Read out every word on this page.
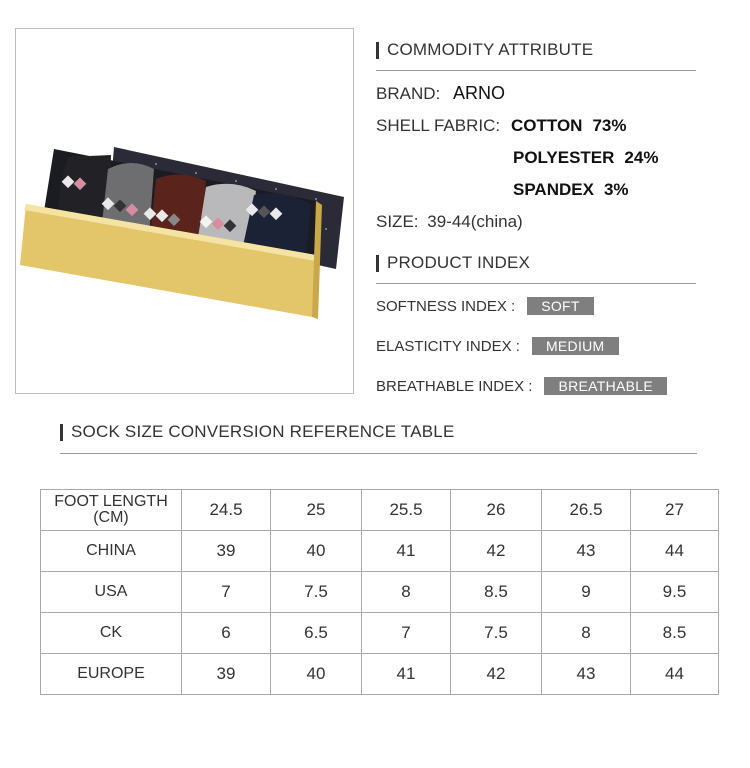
COMMODITY ATTRIBUTE
BRAND: ARNO
SHELL FABRIC: COTTON 73%
POLYESTER 24%
SPANDEX 3%
SIZE: 39-44(china)
PRODUCT INDEX
SOFTNESS INDEX :	SOFT
ELASTICITY INDEX :	MEDIUM
BREATHABLE INDEX :	BREATHABLE
SOCK SIZE CONVERSION REFERENCE TABLE
FOOT LENGTH (CM)	24.5	25	25.5	26	26.5	27
CHINA	39	40	41	42	43	44
USA	7	7.5	8	8.5	9	9.5
CK	6	6.5	7	7.5	8	8.5
EUROPE	39	40	41	42	43	44
